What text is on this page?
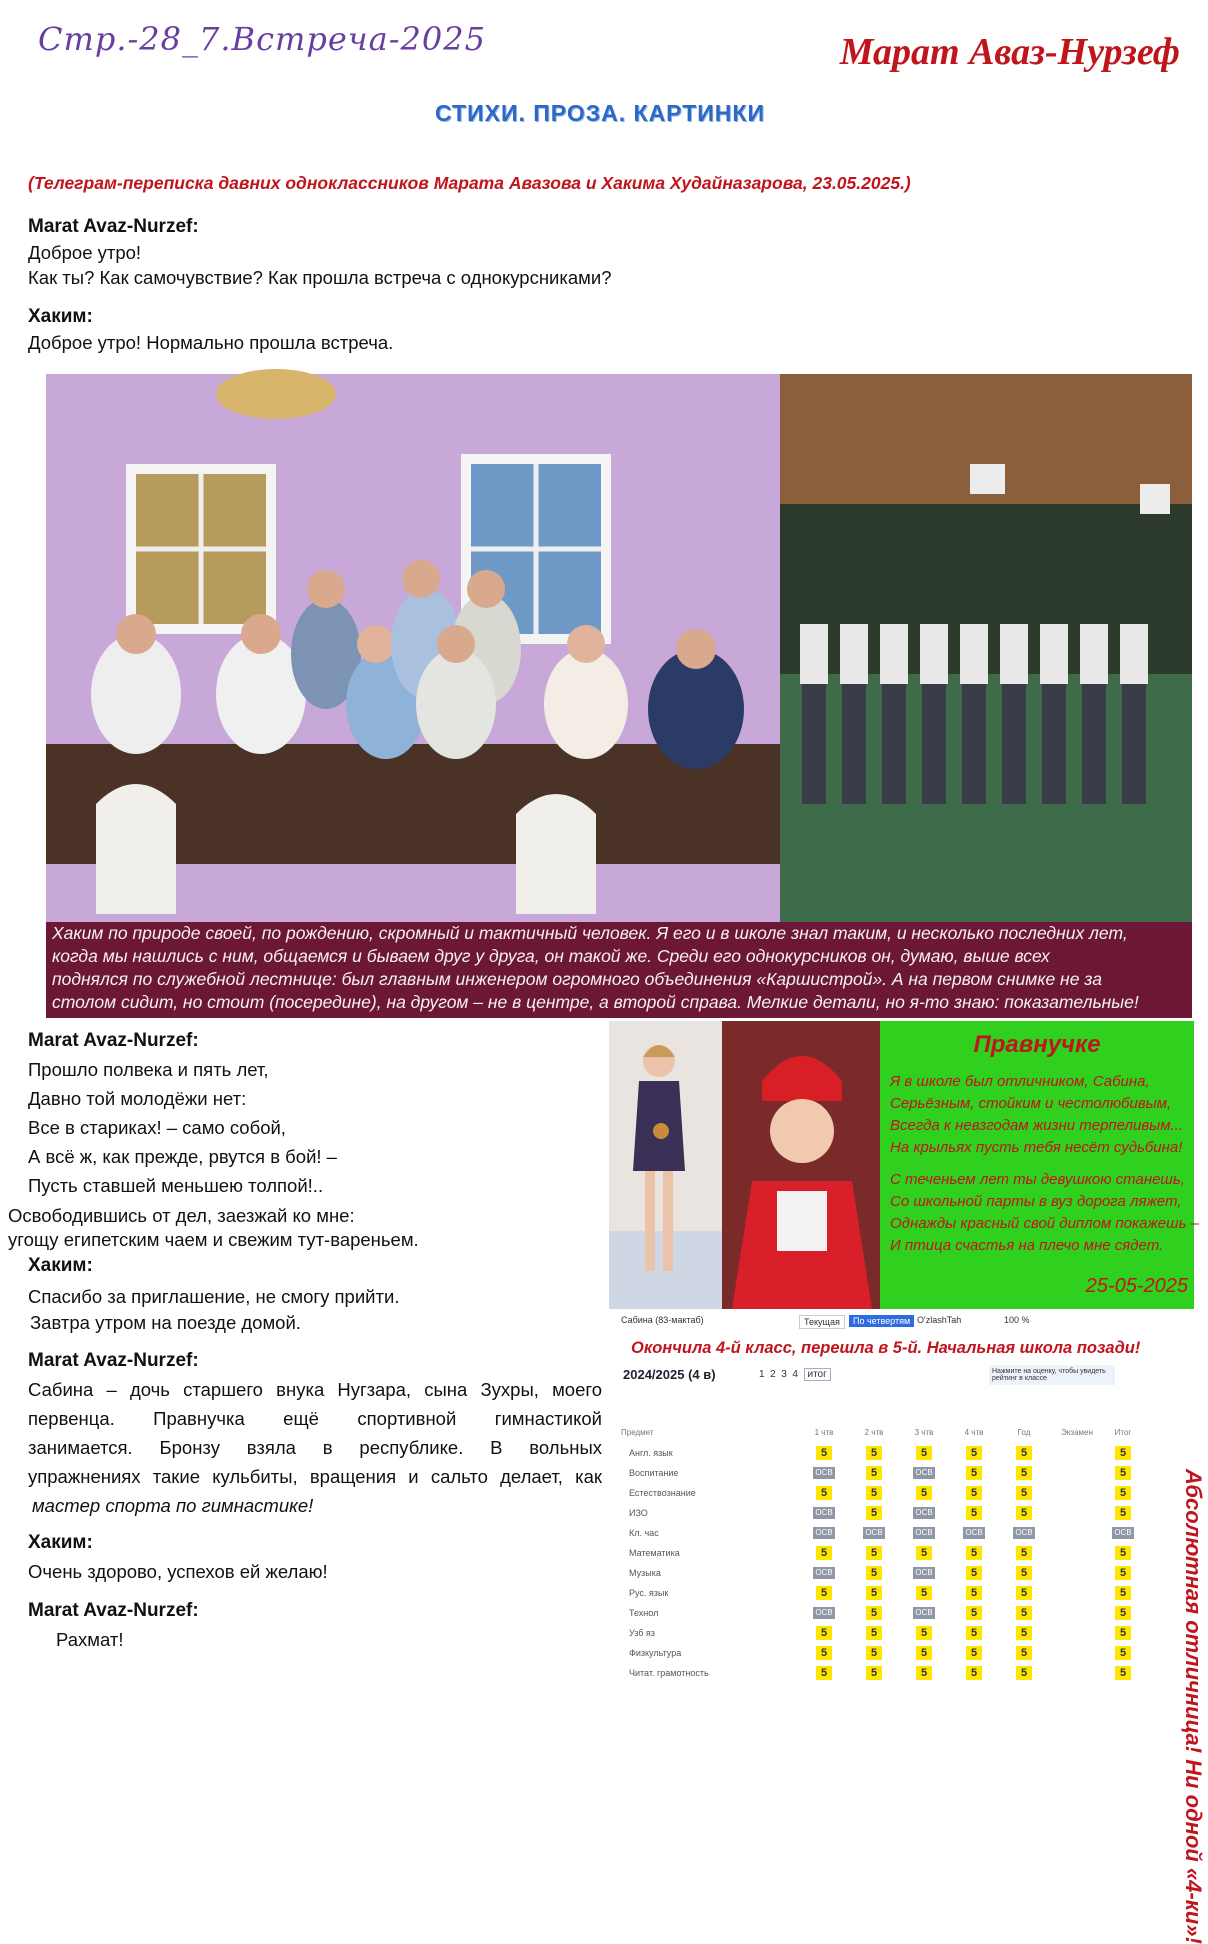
Стр.-28_7.Встреча-2025	Марат Аваз-Нурзеф
СТИХИ. ПРОЗА. КАРТИНКИ
(Телеграм-переписка давних одноклассников Марата Авазова и Хакима Худайназарова, 23.05.2025.)
Marat Avaz-Nurzef:
Доброе утро!
Как ты? Как самочувствие? Как прошла встреча с однокурсниками?
Хаким:
Доброе утро! Нормально прошла встреча.
Хаким по природе своей, по рождению, скромный и тактичный человек. Я его и в школе знал таким, и несколько последних лет,
когда мы нашлись с ним, общаемся и бываем друг у друга, он такой же. Среди его однокурсников он, думаю, выше всех
поднялся по служебной лестнице: был главным инженером огромного объединения «Каршистрой». А на первом снимке не за
столом сидит, но стоит (посередине), на другом – не в центре, а второй справа. Мелкие детали, но я-то знаю: показательные!
Marat Avaz-Nurzef:
Прошло полвека и пять лет,
Давно той молодёжи нет:
Все в стариках! – само собой,
А всё ж, как прежде, рвутся в бой! –
Пусть ставшей меньшею толпой!..
Освободившись от дел, заезжай ко мне:
угощу египетским чаем и свежим тут-вареньем.
Хаким:
Спасибо за приглашение, не смогу прийти.
Завтра утром на поезде домой.
Marat Avaz-Nurzef:
Сабина – дочь старшего внука Нугзара, сына Зухры, моего
первенца. Правнучка ещё спортивной гимнастикой
занимается. Бронзу взяла в республике. В вольных
упражнениях такие кульбиты, вращения и сальто делает, как
мастер спорта по гимнастике!
Хаким:
Очень здорово, успехов ей желаю!
Marat Avaz-Nurzef:
Рахмат!
Правнучке
Я в школе был отличником, Сабина,
Серьёзным, стойким и честолюбивым,
Всегда к невзгодам жизни терпеливым...
На крыльях пусть тебя несёт судьбина!
С теченьем лет ты девушкою станешь,
Со школьной парты в вуз дорога ляжет,
Однажды красный свой диплом покажешь –
И птица счастья на плечо мне сядет.
25-05-2025
Сабина (83-мактаб)	Текущая	По четвертям O'zlashTah	100 %
Окончила 4-й класс, перешла в 5-й. Начальная школа позади!
2024/2025 (4 в)	1 2 3 4 итог	Нажмите на оценку, чтобы увидеть рейтинг в классе
Предмет	1 чтв	2 чтв	3 чтв	4 чтв	Год	Экзамен	Итог
Англ. язык	5	5	5	5	5		5
Воспитание	ОСВ	5	ОСВ	5	5		5
Естествознание	5	5	5	5	5		5
ИЗО	ОСВ	5	ОСВ	5	5		5
Кл. час	ОСВ	ОСВ	ОСВ	ОСВ	ОСВ		ОСВ
Математика	5	5	5	5	5		5
Музыка	ОСВ	5	ОСВ	5	5		5
Рус. язык	5	5	5	5	5		5
Технол	ОСВ	5	ОСВ	5	5		5
Узб яз	5	5	5	5	5		5
Физкультура	5	5	5	5	5		5
Читат. грамотность	5	5	5	5	5		5 Абсолютная отличница! Ни одной «4-ки»!
